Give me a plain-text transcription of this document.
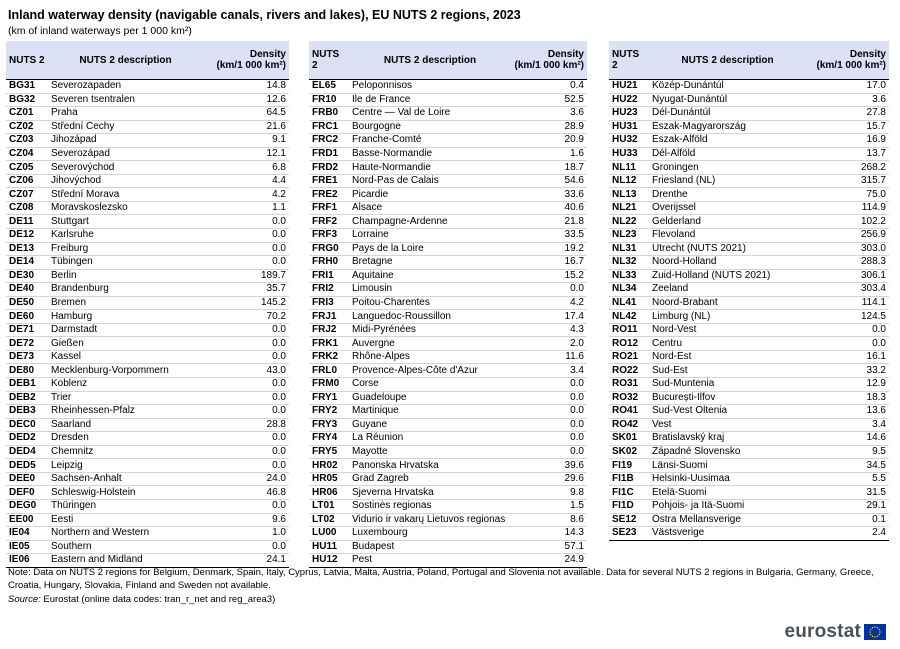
Inland waterway density (navigable canals, rivers and lakes), EU NUTS 2 regions, 2023
(km of inland waterways per 1 000 km²)
NUTS 2	NUTS 2 description	Density
(km/1 000 km²)
BG31	Severozapaden	14.8
BG32	Severen tsentralen	12.6
CZ01	Praha	64.5
CZ02	Střední Čechy	21.6
CZ03	Jihozápad	9.1
CZ04	Severozápad	12.1
CZ05	Severovýchod	6.8
CZ06	Jihovýchod	4.4
CZ07	Střední Morava	4.2
CZ08	Moravskoslezsko	1.1
DE11	Stuttgart	0.0
DE12	Karlsruhe	0.0
DE13	Freiburg	0.0
DE14	Tübingen	0.0
DE30	Berlin	189.7
DE40	Brandenburg	35.7
DE50	Bremen	145.2
DE60	Hamburg	70.2
DE71	Darmstadt	0.0
DE72	Gießen	0.0
DE73	Kassel	0.0
DE80	Mecklenburg-Vorpommern	43.0
DEB1	Koblenz	0.0
DEB2	Trier	0.0
DEB3	Rheinhessen-Pfalz	0.0
DEC0	Saarland	28.8
DED2	Dresden	0.0
DED4	Chemnitz	0.0
DED5	Leipzig	0.0
DEE0	Sachsen-Anhalt	24.0
DEF0	Schleswig-Holstein	46.8
DEG0	Thüringen	0.0
EE00	Eesti	9.6
IE04	Northern and Western	1.0
IE05	Southern	0.0
IE06	Eastern and Midland	24.1
NUTS 2	NUTS 2 description	Density
(km/1 000 km²)
EL65	Peloponnisos	0.4
FR10	Ile de France	52.5
FRB0	Centre — Val de Loire	3.6
FRC1	Bourgogne	28.9
FRC2	Franche-Comté	20.9
FRD1	Basse-Normandie	1.6
FRD2	Haute-Normandie	18.7
FRE1	Nord-Pas de Calais	54.6
FRE2	Picardie	33.6
FRF1	Alsace	40.6
FRF2	Champagne-Ardenne	21.8
FRF3	Lorraine	33.5
FRG0	Pays de la Loire	19.2
FRH0	Bretagne	16.7
FRI1	Aquitaine	15.2
FRI2	Limousin	0.0
FRI3	Poitou-Charentes	4.2
FRJ1	Languedoc-Roussillon	17.4
FRJ2	Midi-Pyrénées	4.3
FRK1	Auvergne	2.0
FRK2	Rhône-Alpes	11.6
FRL0	Provence-Alpes-Côte d'Azur	3.4
FRM0	Corse	0.0
FRY1	Guadeloupe	0.0
FRY2	Martinique	0.0
FRY3	Guyane	0.0
FRY4	La Réunion	0.0
FRY5	Mayotte	0.0
HR02	Panonska Hrvatska	39.6
HR05	Grad Zagreb	29.6
HR06	Sjeverna Hrvatska	9.8
LT01	Sostinės regionas	1.5
LT02	Vidurio ir vakarų Lietuvos regionas	8.6
LU00	Luxembourg	14.3
HU11	Budapest	57.1
HU12	Pest	24.9
NUTS 2	NUTS 2 description	Density
(km/1 000 km²)
HU21	Közép-Dunántúl	17.0
HU22	Nyugat-Dunántúl	3.6
HU23	Dél-Dunántúl	27.8
HU31	Észak-Magyarország	15.7
HU32	Észak-Alföld	16.9
HU33	Dél-Alföld	13.7
NL11	Groningen	268.2
NL12	Friesland (NL)	315.7
NL13	Drenthe	75.0
NL21	Overijssel	114.9
NL22	Gelderland	102.2
NL23	Flevoland	256.9
NL31	Utrecht (NUTS 2021)	303.0
NL32	Noord-Holland	288.3
NL33	Zuid-Holland (NUTS 2021)	306.1
NL34	Zeeland	303.4
NL41	Noord-Brabant	114.1
NL42	Limburg (NL)	124.5
RO11	Nord-Vest	0.0
RO12	Centru	0.0
RO21	Nord-Est	16.1
RO22	Sud-Est	33.2
RO31	Sud-Muntenia	12.9
RO32	București-Ilfov	18.3
RO41	Sud-Vest Oltenia	13.6
RO42	Vest	3.4
SK01	Bratislavský kraj	14.6
SK02	Západné Slovensko	9.5
FI19	Länsi-Suomi	34.5
FI1B	Helsinki-Uusimaa	5.5
FI1C	Etelä-Suomi	31.5
FI1D	Pohjois- ja Itä-Suomi	29.1
SE12	Östra Mellansverige	0.1
SE23	Västsverige	2.4
Note: Data on NUTS 2 regions for Belgium, Denmark, Spain, Italy, Cyprus, Latvia, Malta, Austria, Poland, Portugal and Slovenia not available. Data for several NUTS 2 regions in Bulgaria, Germany, Greece, Croatia, Hungary, Slovakia, Finland and Sweden not available.
Source: Eurostat (online data codes: tran_r_net and reg_area3)
eurostat
